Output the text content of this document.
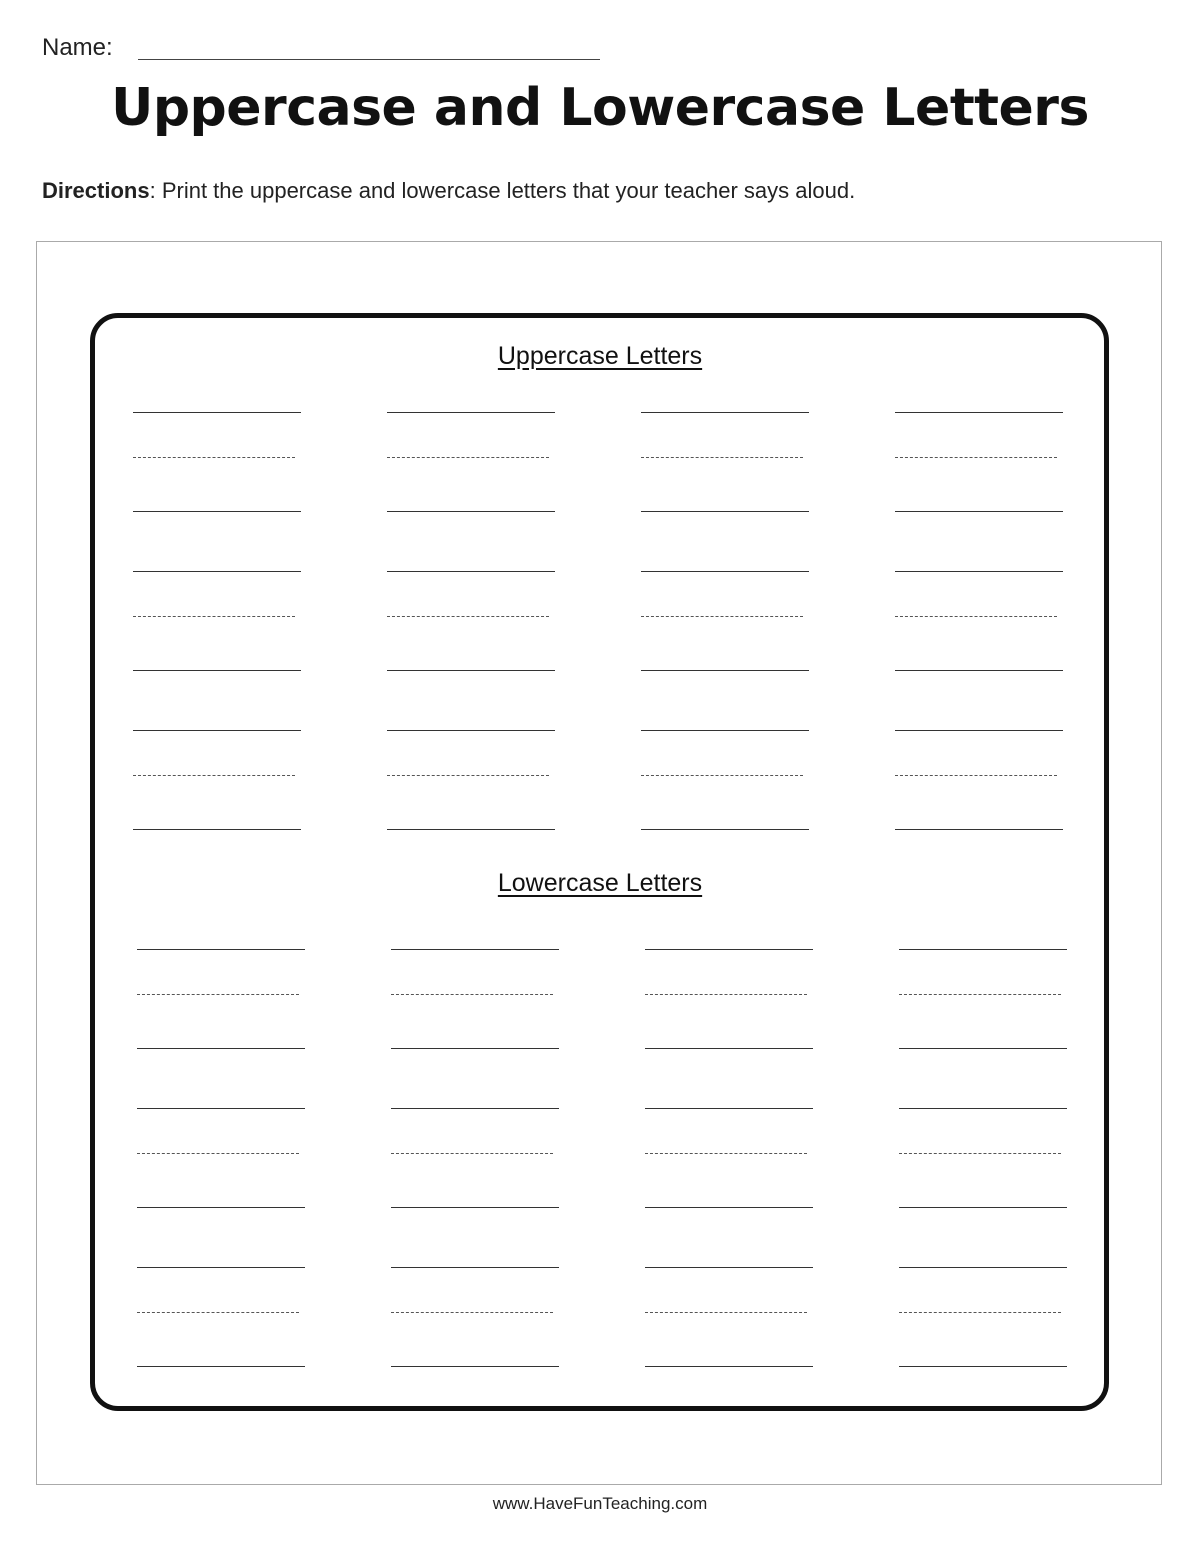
Name:
Uppercase and Lowercase Letters
Directions: Print the uppercase and lowercase letters that your teacher says aloud.
Uppercase Letters
Lowercase Letters
www.HaveFunTeaching.com
